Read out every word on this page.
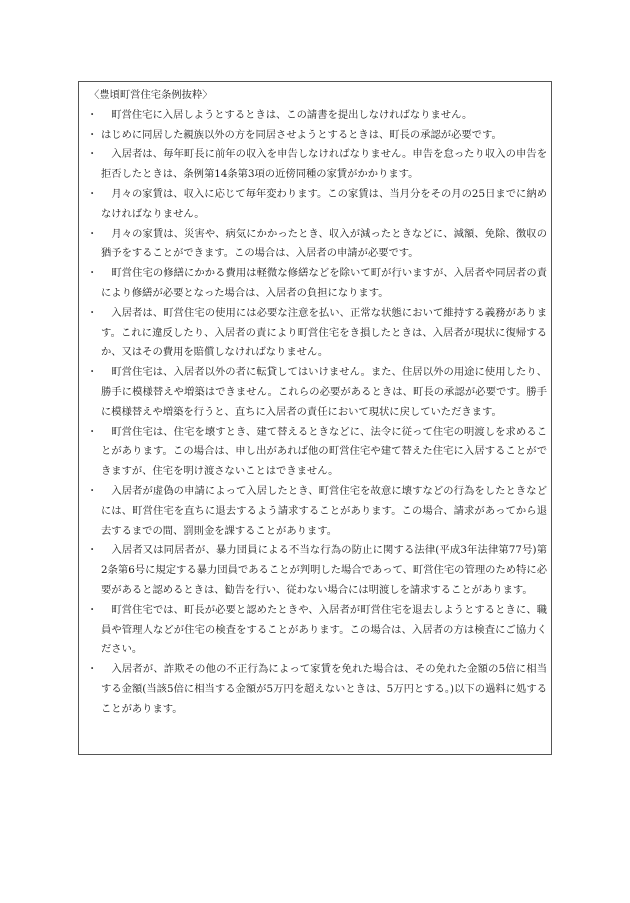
〈豊頃町営住宅条例抜粋〉

・ 　町営住宅に入居しようとするときは、この請書を提出しなければなりません。
・ はじめに同居した親族以外の方を同居させようとするときは、町長の承認が必要です。
・ 　入居者は、毎年町長に前年の収入を申告しなければなりません。申告を怠ったり収入の申告を拒否したときは、条例第14条第3項の近傍同種の家賃がかかります。
・ 　月々の家賃は、収入に応じて毎年変わります。この家賃は、当月分をその月の25日までに納めなければなりません。
・ 　月々の家賃は、災害や、病気にかかったとき、収入が減ったときなどに、減額、免除、徴収の猶予をすることができます。この場合は、入居者の申請が必要です。
・ 　町営住宅の修繕にかかる費用は軽微な修繕などを除いて町が行いますが、入居者や同居者の責により修繕が必要となった場合は、入居者の負担になります。
・ 　入居者は、町営住宅の使用には必要な注意を払い、正常な状態において維持する義務があります。これに違反したり、入居者の責により町営住宅をき損したときは、入居者が現状に復帰するか、又はその費用を賠償しなければなりません。
・ 　町営住宅は、入居者以外の者に転貸してはいけません。また、住居以外の用途に使用したり、勝手に模様替えや増築はできません。これらの必要があるときは、町長の承認が必要です。勝手に模様替えや増築を行うと、直ちに入居者の責任において現状に戻していただきます。
・ 　町営住宅は、住宅を壊すとき、建て替えるときなどに、法令に従って住宅の明渡しを求めることがあります。この場合は、申し出があれば他の町営住宅や建て替えた住宅に入居することができますが、住宅を明け渡さないことはできません。
・ 　入居者が虚偽の申請によって入居したとき、町営住宅を故意に壊すなどの行為をしたときなどには、町営住宅を直ちに退去するよう請求することがあります。この場合、請求があってから退去するまでの間、罰則金を課することがあります。
・ 　入居者又は同居者が、暴力団員による不当な行為の防止に関する法律(平成3年法律第77号)第2条第6号に規定する暴力団員であることが判明した場合であって、町営住宅の管理のため特に必要があると認めるときは、勧告を行い、従わない場合には明渡しを請求することがあります。
・ 　町営住宅では、町長が必要と認めたときや、入居者が町営住宅を退去しようとするときに、職員や管理人などが住宅の検査をすることがあります。この場合は、入居者の方は検査にご協力ください。
・ 　入居者が、詐欺その他の不正行為によって家賃を免れた場合は、その免れた金額の5倍に相当する金額(当該5倍に相当する金額が5万円を超えないときは、5万円とする。)以下の過料に処することがあります。
